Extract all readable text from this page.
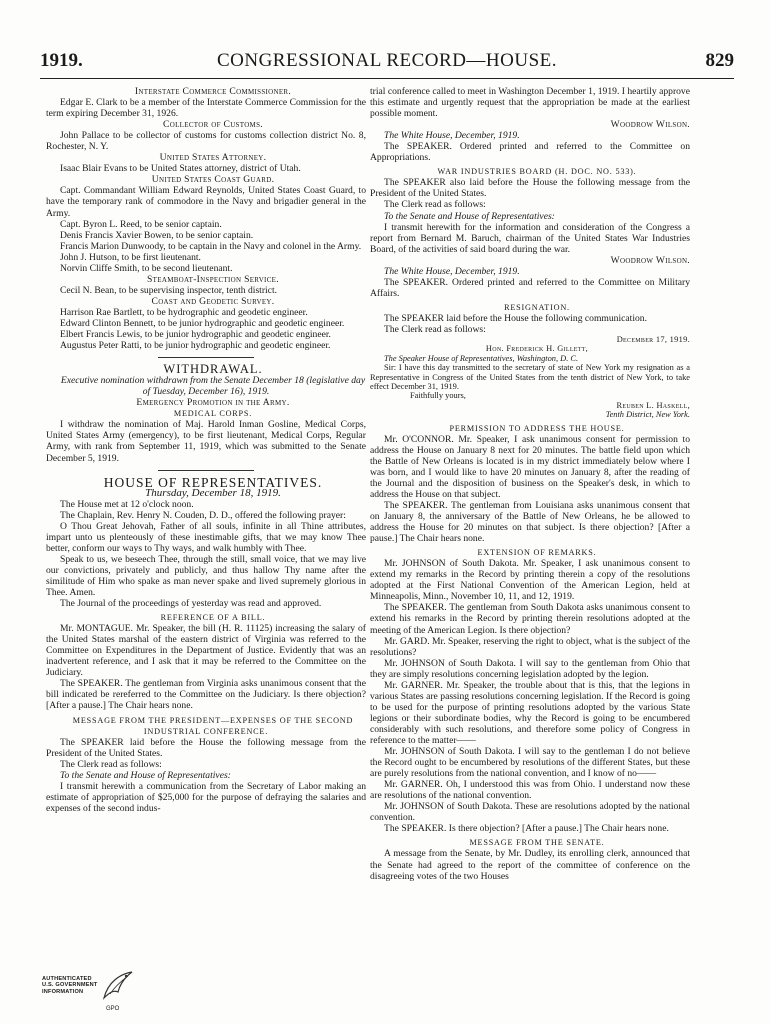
1919.	CONGRESSIONAL RECORD—HOUSE.	829

Interstate Commerce Commissioner.

Edgar E. Clark to be a member of the Interstate Commerce Commission for the term expiring December 31, 1926.

Collector of Customs.

John Pallace to be collector of customs for customs collection district No. 8, Rochester, N. Y.

United States Attorney.

Isaac Blair Evans to be United States attorney, district of Utah.

United States Coast Guard.

Capt. Commandant William Edward Reynolds, United States Coast Guard, to have the temporary rank of commodore in the Navy and brigadier general in the Army.

Capt. Byron L. Reed, to be senior captain.

Denis Francis Xavier Bowen, to be senior captain.

Francis Marion Dunwoody, to be captain in the Navy and colonel in the Army.

John J. Hutson, to be first lieutenant.

Norvin Cliffe Smith, to be second lieutenant.

Steamboat-Inspection Service.

Cecil N. Bean, to be supervising inspector, tenth district.

Coast and Geodetic Survey.

Harrison Rae Bartlett, to be hydrographic and geodetic engineer.

Edward Clinton Bennett, to be junior hydrographic and geodetic engineer.

Elbert Francis Lewis, to be junior hydrographic and geodetic engineer.

Augustus Peter Ratti, to be junior hydrographic and geodetic engineer.

WITHDRAWAL.

Executive nomination withdrawn from the Senate December 18 (legislative day of Tuesday, December 16), 1919.

Emergency Promotion in the Army.

MEDICAL CORPS.

I withdraw the nomination of Maj. Harold Inman Gosline, Medical Corps, United States Army (emergency), to be first lieutenant, Medical Corps, Regular Army, with rank from September 11, 1919, which was submitted to the Senate December 5, 1919.

HOUSE OF REPRESENTATIVES.

Thursday, December 18, 1919.

The House met at 12 o'clock noon.

The Chaplain, Rev. Henry N. Couden, D. D., offered the following prayer:

O Thou Great Jehovah, Father of all souls, infinite in all Thine attributes, impart unto us plenteously of these inestimable gifts, that we may know Thee better, conform our ways to Thy ways, and walk humbly with Thee.

Speak to us, we beseech Thee, through the still, small voice, that we may live our convictions, privately and publicly, and thus hallow Thy name after the similitude of Him who spake as man never spake and lived supremely glorious in Thee. Amen.

The Journal of the proceedings of yesterday was read and approved.

REFERENCE OF A BILL.

Mr. MONTAGUE. Mr. Speaker, the bill (H. R. 11125) increasing the salary of the United States marshal of the eastern district of Virginia was referred to the Committee on Expenditures in the Department of Justice. Evidently that was an inadvertent reference, and I ask that it may be referred to the Committee on the Judiciary.

The SPEAKER. The gentleman from Virginia asks unanimous consent that the bill indicated be rereferred to the Committee on the Judiciary. Is there objection? [After a pause.] The Chair hears none.

MESSAGE FROM THE PRESIDENT—EXPENSES OF THE SECOND INDUSTRIAL CONFERENCE.

The SPEAKER laid before the House the following message from the President of the United States.

The Clerk read as follows:

To the Senate and House of Representatives:

I transmit herewith a communication from the Secretary of Labor making an estimate of appropriation of $25,000 for the purpose of defraying the salaries and expenses of the second indus-

trial conference called to meet in Washington December 1, 1919. I heartily approve this estimate and urgently request that the appropriation be made at the earliest possible moment.

Woodrow Wilson.

The White House, December, 1919.

The SPEAKER. Ordered printed and referred to the Committee on Appropriations.

WAR INDUSTRIES BOARD (H. DOC. NO. 533).

The SPEAKER also laid before the House the following message from the President of the United States.

The Clerk read as follows:

To the Senate and House of Representatives:

I transmit herewith for the information and consideration of the Congress a report from Bernard M. Baruch, chairman of the United States War Industries Board, of the activities of said board during the war.

Woodrow Wilson.

The White House, December, 1919.

The SPEAKER. Ordered printed and referred to the Committee on Military Affairs.

RESIGNATION.

The SPEAKER laid before the House the following communication.

The Clerk read as follows:

December 17, 1919.

Hon. Frederick H. Gillett,

The Speaker House of Representatives, Washington, D. C.

Sir: I have this day transmitted to the secretary of state of New York my resignation as a Representative in Congress of the United States from the tenth district of New York, to take effect December 31, 1919.

Faithfully yours,

Reuben L. Haskell,

Tenth District, New York.

PERMISSION TO ADDRESS THE HOUSE.

Mr. O'CONNOR. Mr. Speaker, I ask unanimous consent for permission to address the House on January 8 next for 20 minutes. The battle field upon which the Battle of New Orleans is located is in my district immediately below where I was born, and I would like to have 20 minutes on January 8, after the reading of the Journal and the disposition of business on the Speaker's desk, in which to address the House on that subject.

The SPEAKER. The gentleman from Louisiana asks unanimous consent that on January 8, the anniversary of the Battle of New Orleans, he be allowed to address the House for 20 minutes on that subject. Is there objection? [After a pause.] The Chair hears none.

EXTENSION OF REMARKS.

Mr. JOHNSON of South Dakota. Mr. Speaker, I ask unanimous consent to extend my remarks in the Record by printing therein a copy of the resolutions adopted at the First National Convention of the American Legion, held at Minneapolis, Minn., November 10, 11, and 12, 1919.

The SPEAKER. The gentleman from South Dakota asks unanimous consent to extend his remarks in the Record by printing therein resolutions adopted at the meeting of the American Legion. Is there objection?

Mr. GARD. Mr. Speaker, reserving the right to object, what is the subject of the resolutions?

Mr. JOHNSON of South Dakota. I will say to the gentleman from Ohio that they are simply resolutions concerning legislation adopted by the legion.

Mr. GARNER. Mr. Speaker, the trouble about that is this, that the legions in various States are passing resolutions concerning legislation. If the Record is going to be used for the purpose of printing resolutions adopted by the various State legions or their subordinate bodies, why the Record is going to be encumbered considerably with such resolutions, and therefore some policy of Congress in reference to the matter——

Mr. JOHNSON of South Dakota. I will say to the gentleman I do not believe the Record ought to be encumbered by resolutions of the different States, but these are purely resolutions from the national convention, and I know of no——

Mr. GARNER. Oh, I understood this was from Ohio. I understand now these are resolutions of the national convention.

Mr. JOHNSON of South Dakota. These are resolutions adopted by the national convention.

The SPEAKER. Is there objection? [After a pause.] The Chair hears none.

MESSAGE FROM THE SENATE.

A message from the Senate, by Mr. Dudley, its enrolling clerk, announced that the Senate had agreed to the report of the committee of conference on the disagreeing votes of the two Houses

AUTHENTICATED
U.S. GOVERNMENT
INFORMATION
GPO
